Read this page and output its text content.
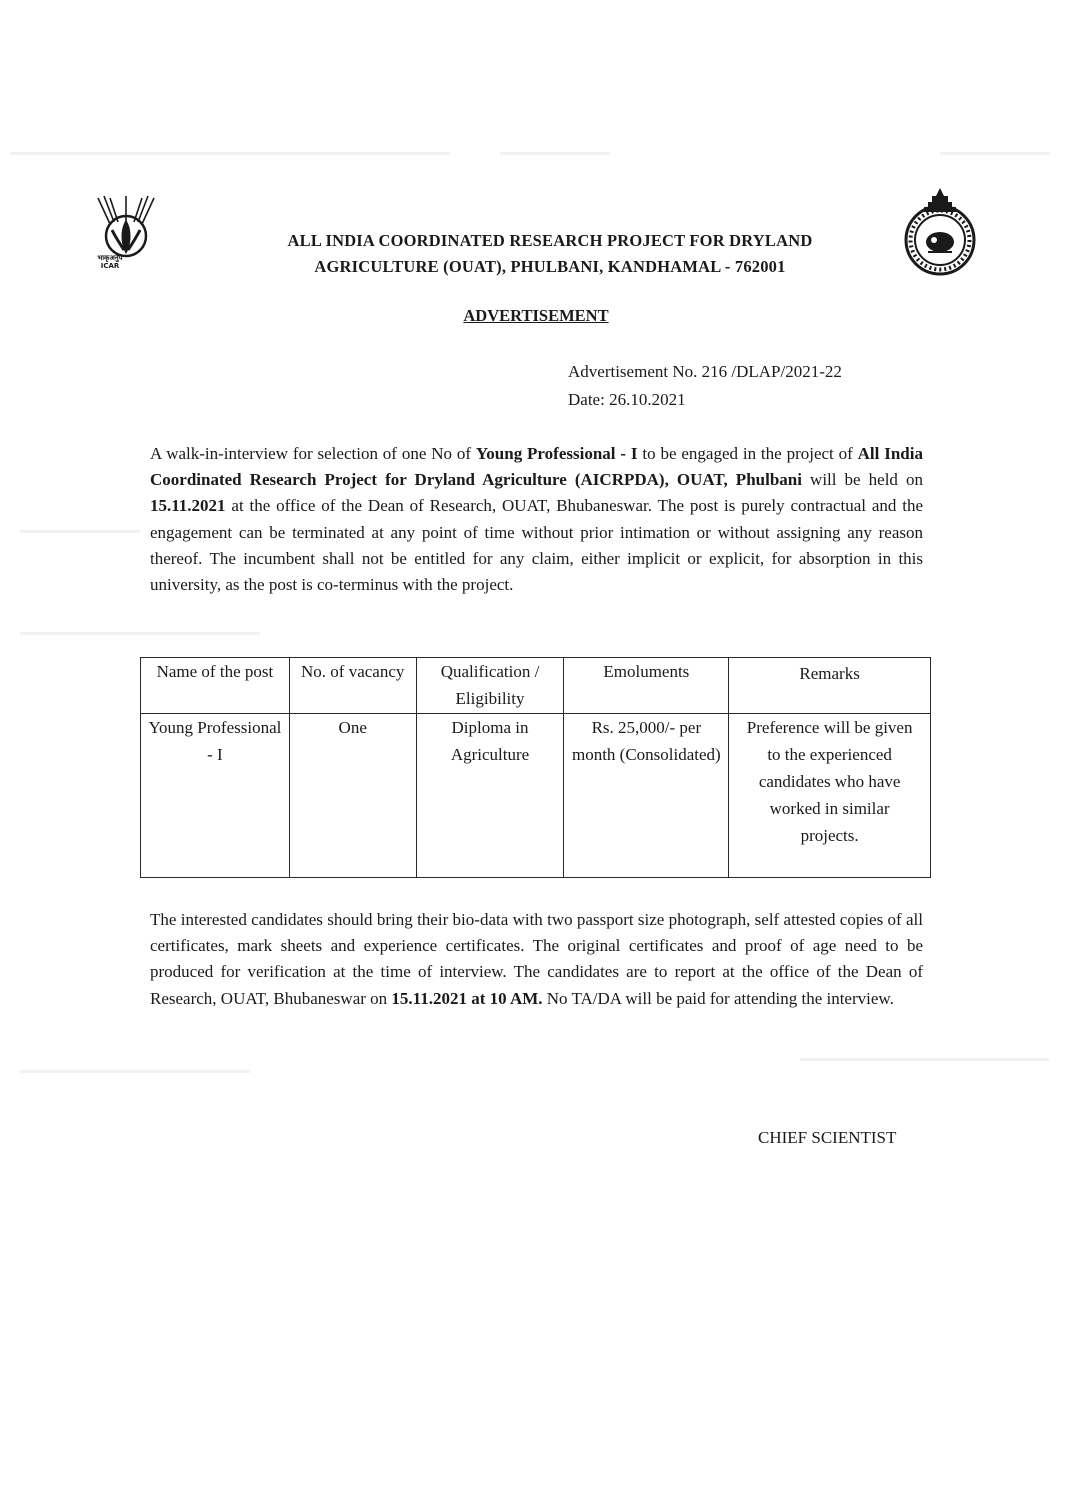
भाकृअनुप ICAR
ALL INDIA COORDINATED RESEARCH PROJECT FOR DRYLAND
AGRICULTURE (OUAT), PHULBANI, KANDHAMAL - 762001
ADVERTISEMENT
Advertisement No. 216 /DLAP/2021-22
Date: 26.10.2021
A walk-in-interview for selection of one No of Young Professional - I to be engaged in the project of All India Coordinated Research Project for Dryland Agriculture (AICRPDA), OUAT, Phulbani will be held on 15.11.2021 at the office of the Dean of Research, OUAT, Bhubaneswar. The post is purely contractual and the engagement can be terminated at any point of time without prior intimation or without assigning any reason thereof. The incumbent shall not be entitled for any claim, either implicit or explicit, for absorption in this university, as the post is co-terminus with the project.
Name of the post	No. of vacancy	Qualification / Eligibility	Emoluments	Remarks
Young Professional - I	One	Diploma in Agriculture	Rs. 25,000/- per month (Consolidated)	Preference will be given to the experienced candidates who have worked in similar projects.
The interested candidates should bring their bio-data with two passport size photograph, self attested copies of all certificates, mark sheets and experience certificates. The original certificates and proof of age need to be produced for verification at the time of interview. The candidates are to report at the office of the Dean of Research, OUAT, Bhubaneswar on 15.11.2021 at 10 AM. No TA/DA will be paid for attending the interview.
CHIEF SCIENTIST
